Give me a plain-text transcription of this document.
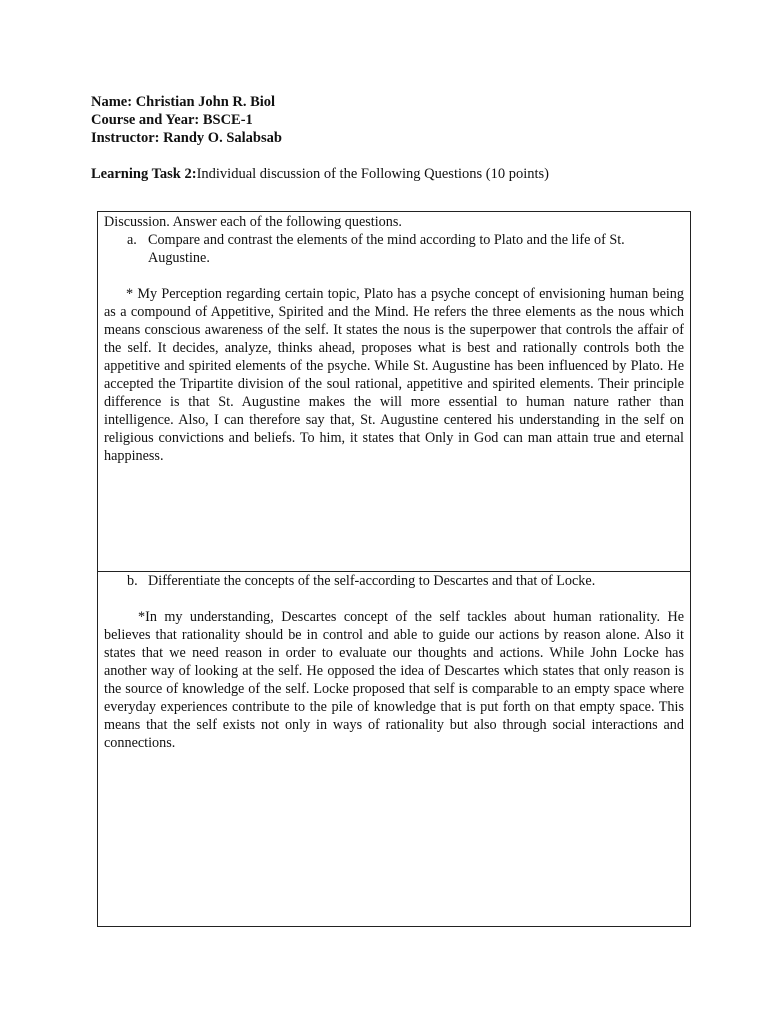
Name: Christian John R. Biol
Course and Year: BSCE-1
Instructor: Randy O. Salabsab
Learning Task 2:Individual discussion of the Following Questions (10 points)
Discussion. Answer each of the following questions.
a. Compare and contrast the elements of the mind according to Plato and the life of St. Augustine.
* My Perception regarding certain topic, Plato has a psyche concept of envisioning human being as a compound of Appetitive, Spirited and the Mind. He refers the three elements as the nous which means conscious awareness of the self. It states the nous is the superpower that controls the affair of the self. It decides, analyze, thinks ahead, proposes what is best and rationally controls both the appetitive and spirited elements of the psyche. While St. Augustine has been influenced by Plato. He accepted the Tripartite division of the soul rational, appetitive and spirited elements. Their principle difference is that St. Augustine makes the will more essential to human nature rather than intelligence. Also, I can therefore say that, St. Augustine centered his understanding in the self on religious convictions and beliefs. To him, it states that Only in God can man attain true and eternal happiness.
b. Differentiate the concepts of the self-according to Descartes and that of Locke.
*In my understanding, Descartes concept of the self tackles about human rationality. He believes that rationality should be in control and able to guide our actions by reason alone. Also it states that we need reason in order to evaluate our thoughts and actions. While John Locke has another way of looking at the self. He opposed the idea of Descartes which states that only reason is the source of knowledge of the self. Locke proposed that self is comparable to an empty space where everyday experiences contribute to the pile of knowledge that is put forth on that empty space. This means that the self exists not only in ways of rationality but also through social interactions and connections.
